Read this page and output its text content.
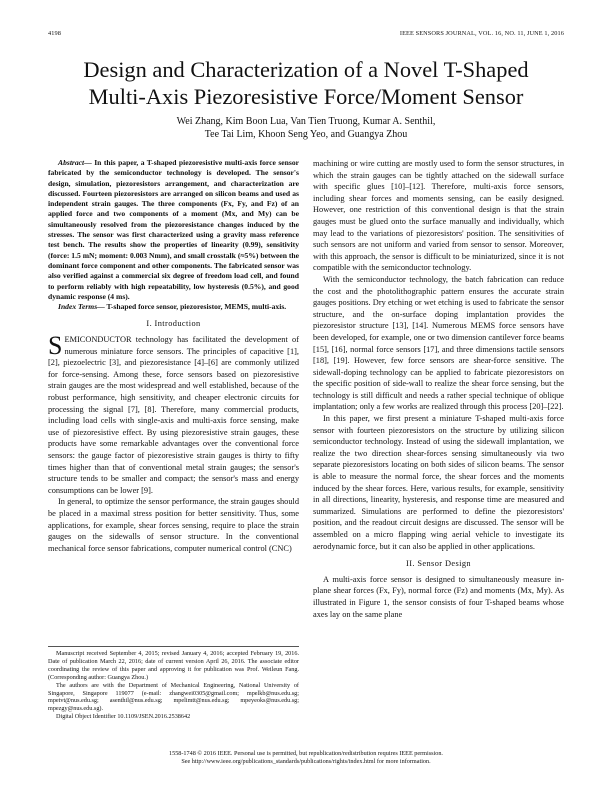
4198	IEEE SENSORS JOURNAL, VOL. 16, NO. 11, JUNE 1, 2016
Design and Characterization of a Novel T-Shaped
Multi-Axis Piezoresistive Force/Moment Sensor
Wei Zhang, Kim Boon Lua, Van Tien Truong, Kumar A. Senthil,
Tee Tai Lim, Khoon Seng Yeo, and Guangya Zhou

Abstract— In this paper, a T-shaped piezoresistive multi-axis force sensor fabricated by the semiconductor technology is developed. The sensor's design, simulation, piezoresistors arrangement, and characterization are discussed. Fourteen piezoresistors are arranged on silicon beams and used as independent strain gauges. The three components (Fx, Fy, and Fz) of an applied force and two components of a moment (Mx, and My) can be simultaneously resolved from the piezoresistance changes induced by the stresses. The sensor was first characterized using a gravity mass reference test bench. The results show the properties of linearity (0.99), sensitivity (force: 1.5 mN; moment: 0.003 Nmm), and small crosstalk (≈5%) between the dominant force component and other components. The fabricated sensor was also verified against a commercial six degree of freedom load cell, and found to perform reliably with high repeatability, low hysteresis (0.5%), and good dynamic response (4 ms).

Index Terms— T-shaped force sensor, piezoresistor, MEMS, multi-axis.

I. Introduction

SEMICONDUCTOR technology has facilitated the development of numerous miniature force sensors. The principles of capacitive [1], [2], piezoelectric [3], and piezoresistance [4]–[6] are commonly utilized for force-sensing. Among these, force sensors based on piezoresistive strain gauges are the most widespread and well established, because of the robust performance, high sensitivity, and cheaper electronic circuits for processing the signal [7], [8]. Therefore, many commercial products, including load cells with single-axis and multi-axis force sensing, make use of piezoresistive effect. By using piezoresistive strain gauges, these products have some remarkable advantages over the conventional force sensors: the gauge factor of piezoresistive strain gauges is thirty to fifty times higher than that of conventional metal strain gauges; the sensor's structure tends to be smaller and compact; the sensor's mass and energy consumptions can be lower [9].

In general, to optimize the sensor performance, the strain gauges should be placed in a maximal stress position for better sensitivity. Thus, some applications, for example, shear forces sensing, require to place the strain gauges on the sidewalls of sensor structure. In the conventional mechanical force sensor fabrications, computer numerical control (CNC)

machining or wire cutting are mostly used to form the sensor structures, in which the strain gauges can be tightly attached on the sidewall surface with specific glues [10]–[12]. Therefore, multi-axis force sensors, including shear forces and moments sensing, can be easily designed. However, one restriction of this conventional design is that the strain gauges must be glued onto the surface manually and individually, which may lead to the variations of piezoresistors' position. The sensitivities of such sensors are not uniform and varied from sensor to sensor. Moreover, with this approach, the sensor is difficult to be miniaturized, since it is not compatible with the semiconductor technology.

With the semiconductor technology, the batch fabrication can reduce the cost and the photolithographic pattern ensures the accurate strain gauges positions. Dry etching or wet etching is used to fabricate the sensor structure, and the on-surface doping implantation provides the piezoresistor structure [13], [14]. Numerous MEMS force sensors have been developed, for example, one or two dimension cantilever force beams [15], [16], normal force sensors [17], and three dimensions tactile sensors [18], [19]. However, few force sensors are shear-force sensitive. The sidewall-doping technology can be applied to fabricate piezoresistors on the specific position of side-wall to realize the shear force sensing, but the technology is still difficult and needs a rather special technique of oblique implantation; only a few works are realized through this process [20]–[22].

In this paper, we first present a miniature T-shaped multi-axis force sensor with fourteen piezoresistors on the structure by utilizing silicon semiconductor technology. Instead of using the sidewall implantation, we realize the two direction shear-forces sensing simultaneously via two separate piezoresistors locating on both sides of silicon beams. The sensor is able to measure the normal force, the shear forces and the moments induced by the shear forces. Here, various results, for example, sensitivity in all directions, linearity, hysteresis, and response time are measured and summarized. Simulations are performed to define the piezoresistors' position, and the readout circuit designs are discussed. The sensor will be assembled on a micro flapping wing aerial vehicle to investigate its aerodynamic force, but it can also be applied in other applications.

II. Sensor Design

A multi-axis force sensor is designed to simultaneously measure in-plane shear forces (Fx, Fy), normal force (Fz) and moments (Mx, My). As illustrated in Figure 1, the sensor consists of four T-shaped beams whose axes lay on the same plane

Manuscript received September 4, 2015; revised January 4, 2016; accepted February 19, 2016. Date of publication March 22, 2016; date of current version April 26, 2016. The associate editor coordinating the review of this paper and approving it for publication was Prof. Weileun Fang. (Corresponding author: Guangya Zhou.)

The authors are with the Department of Mechanical Engineering, National University of Singapore, Singapore 119077 (e-mail: zhangwei0305@gmail.com; mpelkb@nus.edu.sg; mpetvt@nus.edu.sg; asenthil@nus.edu.sg; mpelimtt@nus.edu.sg; mpeyeoks@nus.edu.sg; mpezgy@nus.edu.sg).

Digital Object Identifier 10.1109/JSEN.2016.2538642

1558-1748 © 2016 IEEE. Personal use is permitted, but republication/redistribution requires IEEE permission.
See http://www.ieee.org/publications_standards/publications/rights/index.html for more information.
